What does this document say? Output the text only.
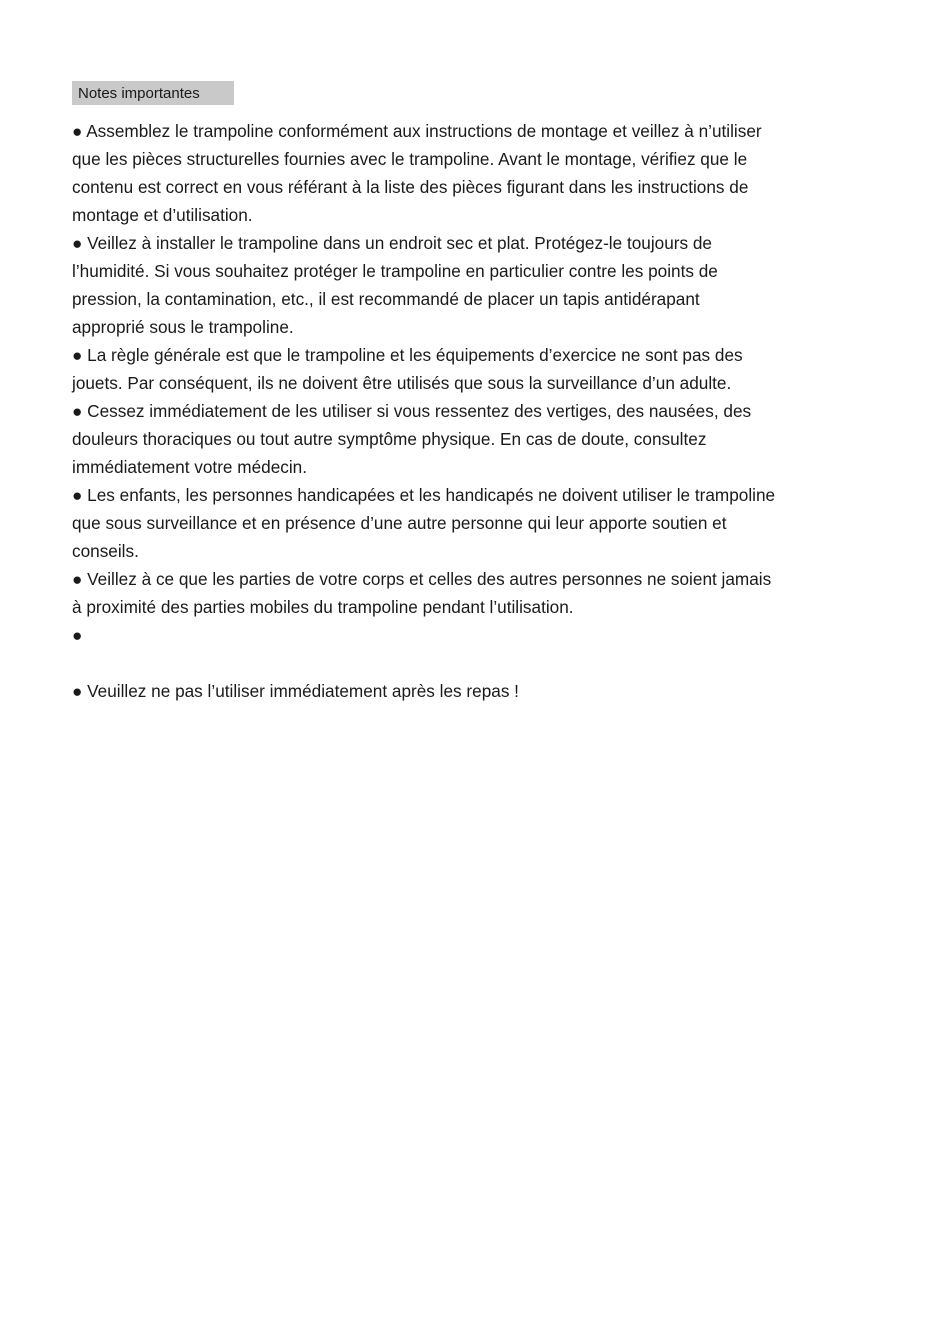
Notes importantes
● Assemblez le trampoline conformément aux instructions de montage et veillez à n’utiliser
que les pièces structurelles fournies avec le trampoline. Avant le montage, vérifiez que le
contenu est correct en vous référant à la liste des pièces figurant dans les instructions de
montage et d’utilisation.
● Veillez à installer le trampoline dans un endroit sec et plat. Protégez-le toujours de
l’humidité. Si vous souhaitez protéger le trampoline en particulier contre les points de
pression, la contamination, etc., il est recommandé de placer un tapis antidérapant
approprié sous le trampoline.
● La règle générale est que le trampoline et les équipements d’exercice ne sont pas des
jouets. Par conséquent, ils ne doivent être utilisés que sous la surveillance d’un adulte.
● Cessez immédiatement de les utiliser si vous ressentez des vertiges, des nausées, des
douleurs thoraciques ou tout autre symptôme physique. En cas de doute, consultez
immédiatement votre médecin.
● Les enfants, les personnes handicapées et les handicapés ne doivent utiliser le trampoline
que sous surveillance et en présence d’une autre personne qui leur apporte soutien et
conseils.
● Veillez à ce que les parties de votre corps et celles des autres personnes ne soient jamais
à proximité des parties mobiles du trampoline pendant l’utilisation.
●
● Veuillez ne pas l’utiliser immédiatement après les repas !
